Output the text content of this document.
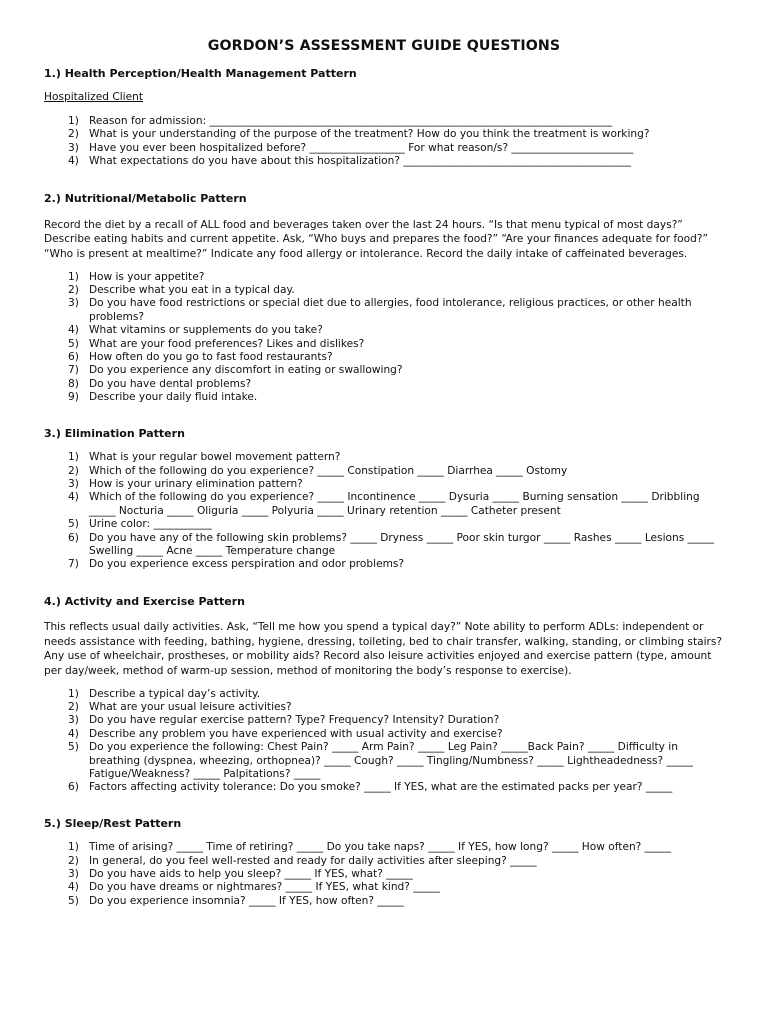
GORDON’S ASSESSMENT GUIDE QUESTIONS
1.) Health Perception/Health Management Pattern
Hospitalized Client
1) Reason for admission: ____________________________________________________________________________
2) What is your understanding of the purpose of the treatment? How do you think the treatment is working?
3) Have you ever been hospitalized before? __________________ For what reason/s? _______________________
4) What expectations do you have about this hospitalization? ___________________________________________
2.) Nutritional/Metabolic Pattern
Record the diet by a recall of ALL food and beverages taken over the last 24 hours. “Is that menu typical of most days?” Describe eating habits and current appetite. Ask, “Who buys and prepares the food?” “Are your finances adequate for food?” “Who is present at mealtime?” Indicate any food allergy or intolerance. Record the daily intake of caffeinated beverages.
1) How is your appetite?
2) Describe what you eat in a typical day.
3) Do you have food restrictions or special diet due to allergies, food intolerance, religious practices, or other health problems?
4) What vitamins or supplements do you take?
5) What are your food preferences? Likes and dislikes?
6) How often do you go to fast food restaurants?
7) Do you experience any discomfort in eating or swallowing?
8) Do you have dental problems?
9) Describe your daily fluid intake.
3.) Elimination Pattern
1) What is your regular bowel movement pattern?
2) Which of the following do you experience? _____ Constipation _____ Diarrhea _____ Ostomy
3) How is your urinary elimination pattern?
4) Which of the following do you experience? _____ Incontinence _____ Dysuria _____ Burning sensation _____ Dribbling _____ Nocturia _____ Oliguria _____ Polyuria _____ Urinary retention _____ Catheter present
5) Urine color: ___________
6) Do you have any of the following skin problems? _____ Dryness _____ Poor skin turgor _____ Rashes _____ Lesions _____ Swelling _____ Acne _____ Temperature change
7) Do you experience excess perspiration and odor problems?
4.) Activity and Exercise Pattern
This reflects usual daily activities. Ask, “Tell me how you spend a typical day?” Note ability to perform ADLs: independent or needs assistance with feeding, bathing, hygiene, dressing, toileting, bed to chair transfer, walking, standing, or climbing stairs? Any use of wheelchair, prostheses, or mobility aids? Record also leisure activities enjoyed and exercise pattern (type, amount per day/week, method of warm-up session, method of monitoring the body’s response to exercise).
1) Describe a typical day’s activity.
2) What are your usual leisure activities?
3) Do you have regular exercise pattern? Type? Frequency? Intensity? Duration?
4) Describe any problem you have experienced with usual activity and exercise?
5) Do you experience the following: Chest Pain? _____ Arm Pain? _____ Leg Pain? _____Back Pain? _____ Difficulty in breathing (dyspnea, wheezing, orthopnea)? _____ Cough? _____ Tingling/Numbness? _____ Lightheadedness? _____ Fatigue/Weakness? _____ Palpitations? _____
6) Factors affecting activity tolerance: Do you smoke? _____ If YES, what are the estimated packs per year? _____
5.) Sleep/Rest Pattern
1) Time of arising? _____ Time of retiring? _____ Do you take naps? _____ If YES, how long? _____ How often? _____
2) In general, do you feel well-rested and ready for daily activities after sleeping? _____
3) Do you have aids to help you sleep? _____ If YES, what? _____
4) Do you have dreams or nightmares? _____ If YES, what kind? _____
5) Do you experience insomnia? _____ If YES, how often? _____
